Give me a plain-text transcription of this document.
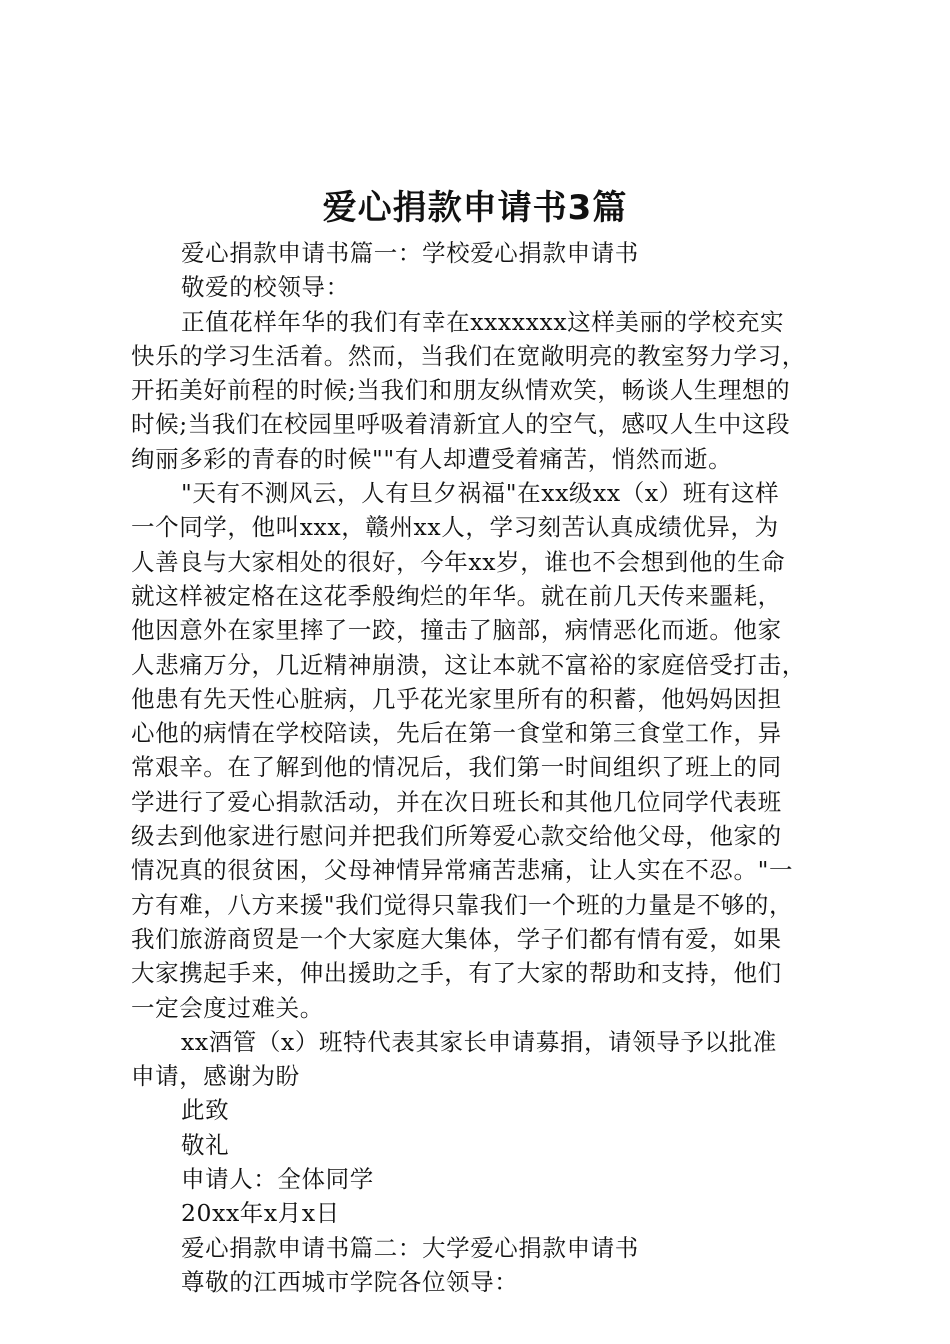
爱心捐款申请书3篇
爱心捐款申请书篇一：学校爱心捐款申请书
敬爱的校领导：
正值花样年华的我们有幸在xxxxxxx这样美丽的学校充实
快乐的学习生活着。然而，当我们在宽敞明亮的教室努力学习，
开拓美好前程的时候;当我们和朋友纵情欢笑，畅谈人生理想的
时候;当我们在校园里呼吸着清新宜人的空气，感叹人生中这段
绚丽多彩的青春的时候""有人却遭受着痛苦，悄然而逝。
"天有不测风云，人有旦夕祸福"在xx级xx（x）班有这样
一个同学，他叫xxx，赣州xx人，学习刻苦认真成绩优异，为
人善良与大家相处的很好，今年xx岁，谁也不会想到他的生命
就这样被定格在这花季般绚烂的年华。就在前几天传来噩耗，
他因意外在家里摔了一跤，撞击了脑部，病情恶化而逝。他家
人悲痛万分，几近精神崩溃，这让本就不富裕的家庭倍受打击，
他患有先天性心脏病，几乎花光家里所有的积蓄，他妈妈因担
心他的病情在学校陪读，先后在第一食堂和第三食堂工作，异
常艰辛。在了解到他的情况后，我们第一时间组织了班上的同
学进行了爱心捐款活动，并在次日班长和其他几位同学代表班
级去到他家进行慰问并把我们所筹爱心款交给他父母，他家的
情况真的很贫困，父母神情异常痛苦悲痛，让人实在不忍。"一
方有难，八方来援"我们觉得只靠我们一个班的力量是不够的，
我们旅游商贸是一个大家庭大集体，学子们都有情有爱，如果
大家携起手来，伸出援助之手，有了大家的帮助和支持，他们
一定会度过难关。
xx酒管（x）班特代表其家长申请募捐，请领导予以批准
申请，感谢为盼
此致
敬礼
申请人：全体同学
20xx年x月x日
爱心捐款申请书篇二：大学爱心捐款申请书
尊敬的江西城市学院各位领导：
